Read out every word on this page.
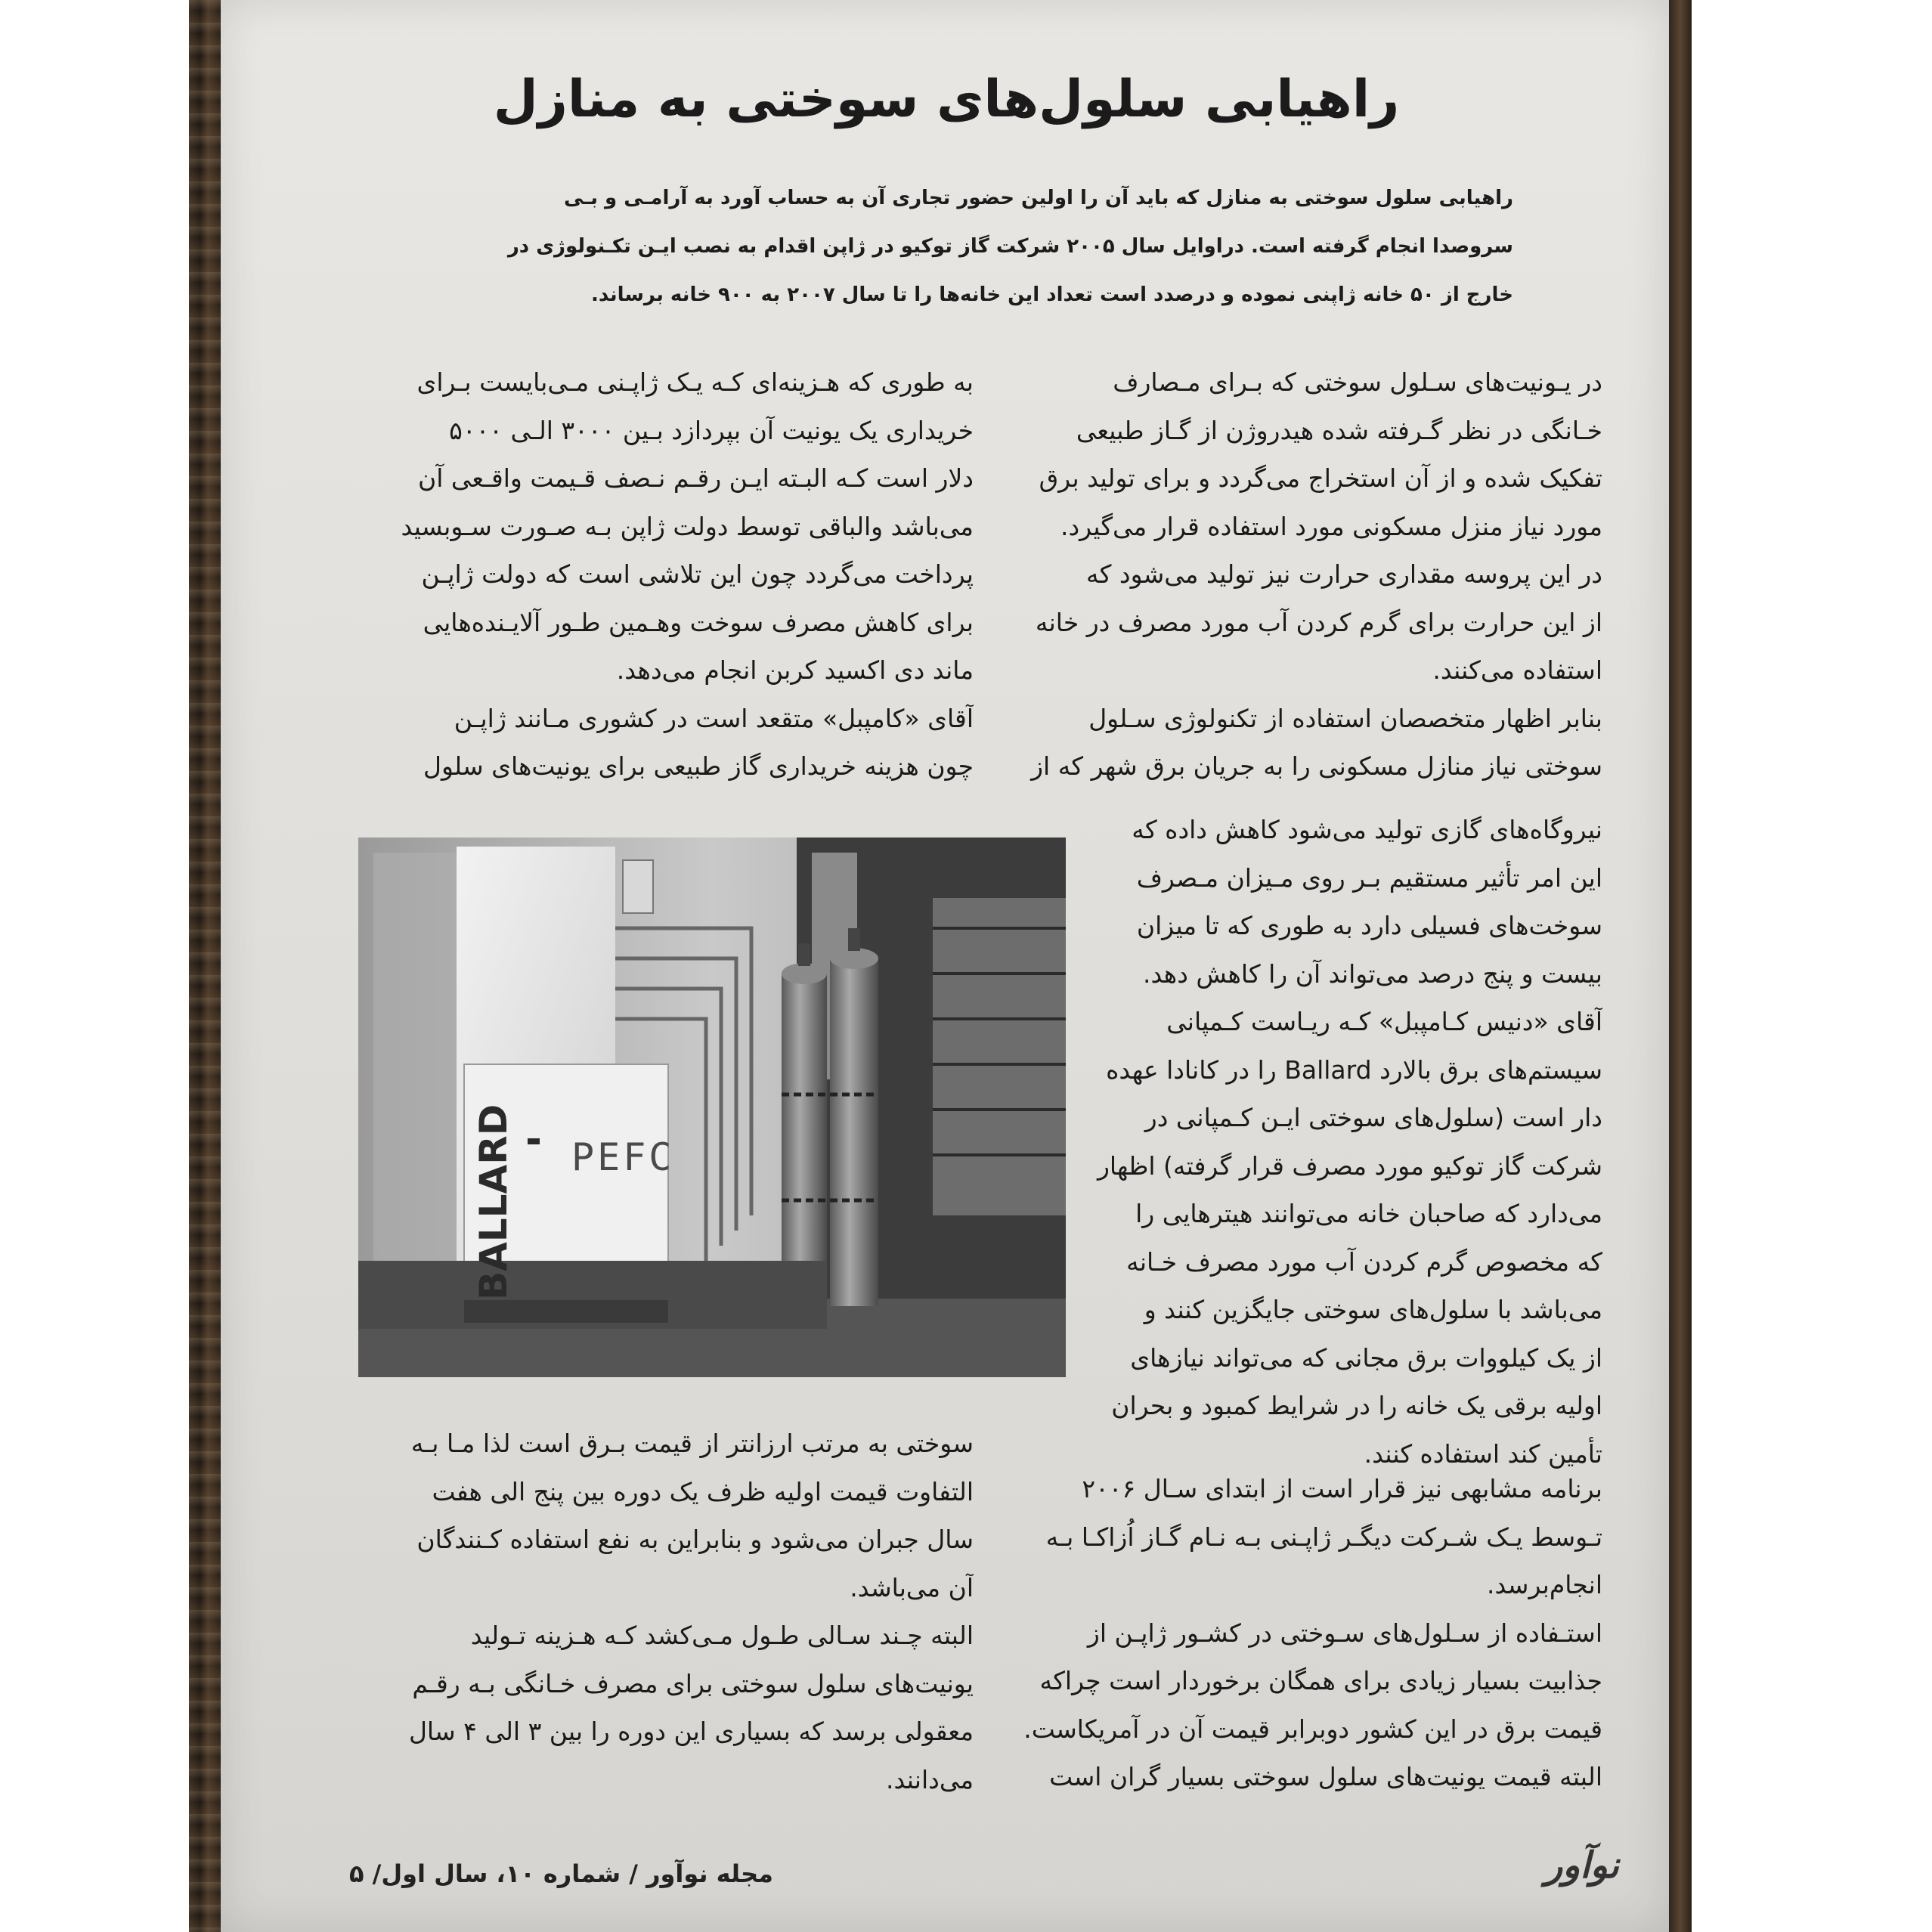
راهیابی سلول‌های سوختی به منازل
راهیابی سلول سوختی به منازل که باید آن را اولین حضور تجاری آن به حساب آورد به آرامـی و بـی
سروصدا انجام گرفته است. دراوایل سال ۲۰۰۵ شرکت گاز توکیو در ژاپن اقدام به نصب ایـن تکـنولوژی در
خارج از ۵۰ خانه ژاپنی نموده و درصدد است تعداد این خانه‌ها را تا سال ۲۰۰۷ به ۹۰۰ خانه برساند.
در یـونیت‌های سـلول سوختی که بـرای مـصارف
خـانگی در نظر گـرفته شده هیدروژن از گـاز طبیعی
تفکیک شده و از آن استخراج می‌گردد و برای تولید برق
مورد نیاز منزل مسکونی مورد استفاده قرار می‌گیرد.
در این پروسه مقداری حرارت نیز تولید می‌شود که
از این حرارت برای گرم کردن آب مورد مصرف در خانه
استفاده می‌کنند.
بنابر اظهار متخصصان استفاده از تکنولوژی سـلول
سوختی نیاز منازل مسکونی را به جریان برق شهر که از
نیروگاه‌های گازی تولید می‌شود کاهش داده که
این امر تأثیر مستقیم بـر روی مـیزان مـصرف
سوخت‌های فسیلی دارد به طوری که تا میزان
بیست و پنج درصد می‌تواند آن را کاهش دهد.
آقای «دنیس کـامپبل» کـه ریـاست کـمپانی
سیستم‌های برق بالارد Ballard را در کانادا عهده
دار است (سلول‌های سوختی ایـن کـمپانی در
شرکت گاز توکیو مورد مصرف قرار گرفته) اظهار
می‌دارد که صاحبان خانه می‌توانند هیترهایی را
که مخصوص گرم کردن آب مورد مصرف خـانه
می‌باشد با سلول‌های سوختی جایگزین کنند و
از یک کیلووات برق مجانی که می‌تواند نیازهای
اولیه برقی یک خانه را در شرایط کمبود و بحران
تأمین کند استفاده کنند.
برنامه مشابهی نیز قرار است از ابتدای سـال ۲۰۰۶
تـوسط یـک شـرکت دیگـر ژاپـنی بـه نـام گـاز اُزاکـا بـه
انجام‌برسد.
استـفاده از سـلول‌های سـوختی در کشـور ژاپـن از
جذابیت بسیار زیادی برای همگان برخوردار است چراکه
قیمت برق در این کشور دوبرابر قیمت آن در آمریکاست.
البته قیمت یونیت‌های سلول سوختی بسیار گران است
به طوری که هـزینه‌ای کـه یـک ژاپـنی مـی‌بایست بـرای
خریداری یک یونیت آن بپردازد بـین ۳۰۰۰ الـی ۵۰۰۰
دلار است کـه البـته ایـن رقـم نـصف قـیمت واقـعی آن
می‌باشد والباقی توسط دولت ژاپن بـه صـورت سـوبسید
پرداخت می‌گردد چون این تلاشی است که دولت ژاپـن
برای کاهش مصرف سوخت وهـمین طـور آلایـنده‌هایی
ماند دی اکسید کربن انجام می‌دهد.
آقای «کامپبل» متقعد است در کشوری مـانند ژاپـن
چون هزینه خریداری گاز طبیعی برای یونیت‌های سلول
BALLARD PEFC
سوختی به مرتب ارزانتر از قیمت بـرق است لذا مـا بـه
التفاوت قیمت اولیه ظرف یک دوره بین پنج الی هفت
سال جبران می‌شود و بنابراین به نفع استفاده کـنندگان
آن می‌باشد.
البته چـند سـالی طـول مـی‌کشد کـه هـزینه تـولید
یونیت‌های سلول سوختی برای مصرف خـانگی بـه رقـم
معقولی برسد که بسیاری این دوره را بین ۳ الی ۴ سال
می‌دانند.
مجله نوآور / شماره ۱۰، سال اول/ ۵	نوآور
